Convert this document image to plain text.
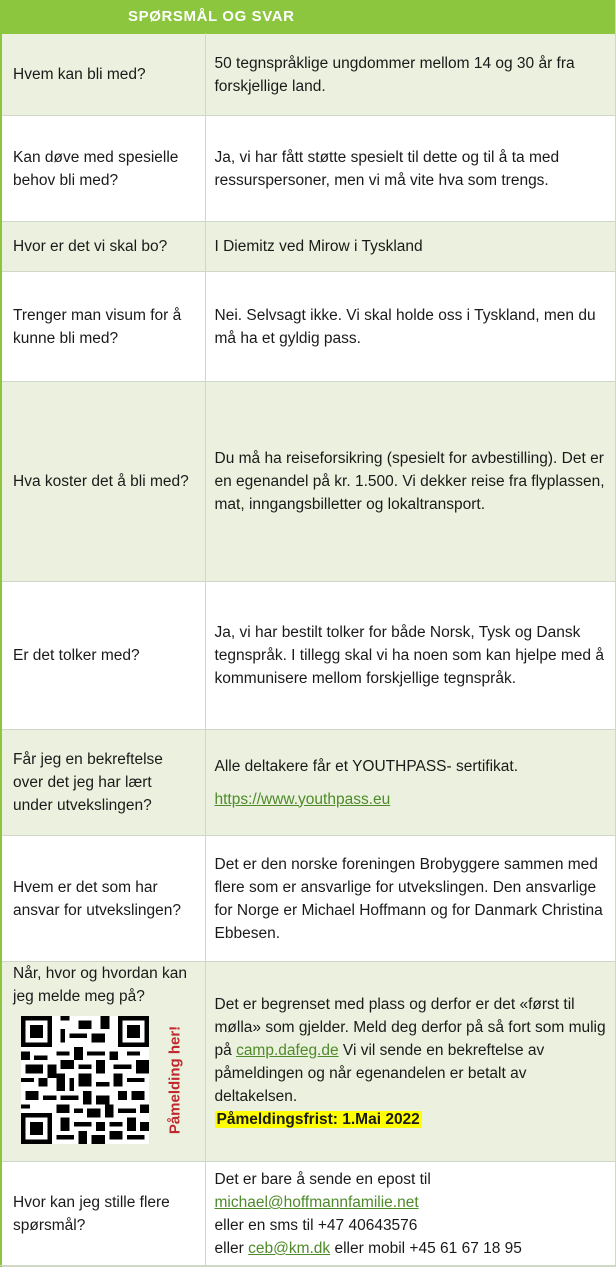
SPØRSMÅL OG SVAR
Hvem kan bli med?	50 tegnspråklige ungdommer mellom 14 og 30 år fra forskjellige land.
Kan døve med spesielle behov bli med?	Ja, vi har fått støtte spesielt til dette og til å ta med ressurspersoner, men vi må vite hva som trengs.
Hvor er det vi skal bo?	I Diemitz ved Mirow i Tyskland
Trenger man visum for å kunne bli med?	Nei. Selvsagt ikke. Vi skal holde oss i Tyskland, men du må ha et gyldig pass.
Hva koster det å bli med?	Du må ha reiseforsikring (spesielt for avbestilling). Det er en egenandel på kr. 1.500. Vi dekker reise fra flyplassen, mat, inngangsbilletter og lokaltransport.
Er det tolker med?	Ja, vi har bestilt tolker for både Norsk, Tysk og Dansk tegnspråk. I tillegg skal vi ha noen som kan hjelpe med å kommunisere mellom forskjellige tegnspråk.
Får jeg en bekreftelse over det jeg har lært under utvekslingen?	Alle deltakere får et YOUTHPASS- sertifikat.
https://www.youthpass.eu

Hvem er det som har ansvar for utvekslingen?	Det er den norske foreningen Brobyggere sammen med flere som er ansvarlige for utvekslingen. Den ansvarlige for Norge er Michael Hoffmann og for Danmark Christina Ebbesen.

Når, hvor og hvordan kan jeg melde meg på?
Påmelding her!	Det er begrenset med plass og derfor er det «først til mølla» som gjelder. Meld deg derfor på så fort som mulig på camp.dafeg.de Vi vil sende en bekreftelse av påmeldingen og når egenandelen er betalt av deltakelsen.
Påmeldingsfrist: 1.Mai 2022
Hvor kan jeg stille flere spørsmål?	Det er bare å sende en epost til
michael@hoffmannfamilie.net
eller en sms til +47 40643576
eller ceb@km.dk eller mobil +45 61 67 18 95
